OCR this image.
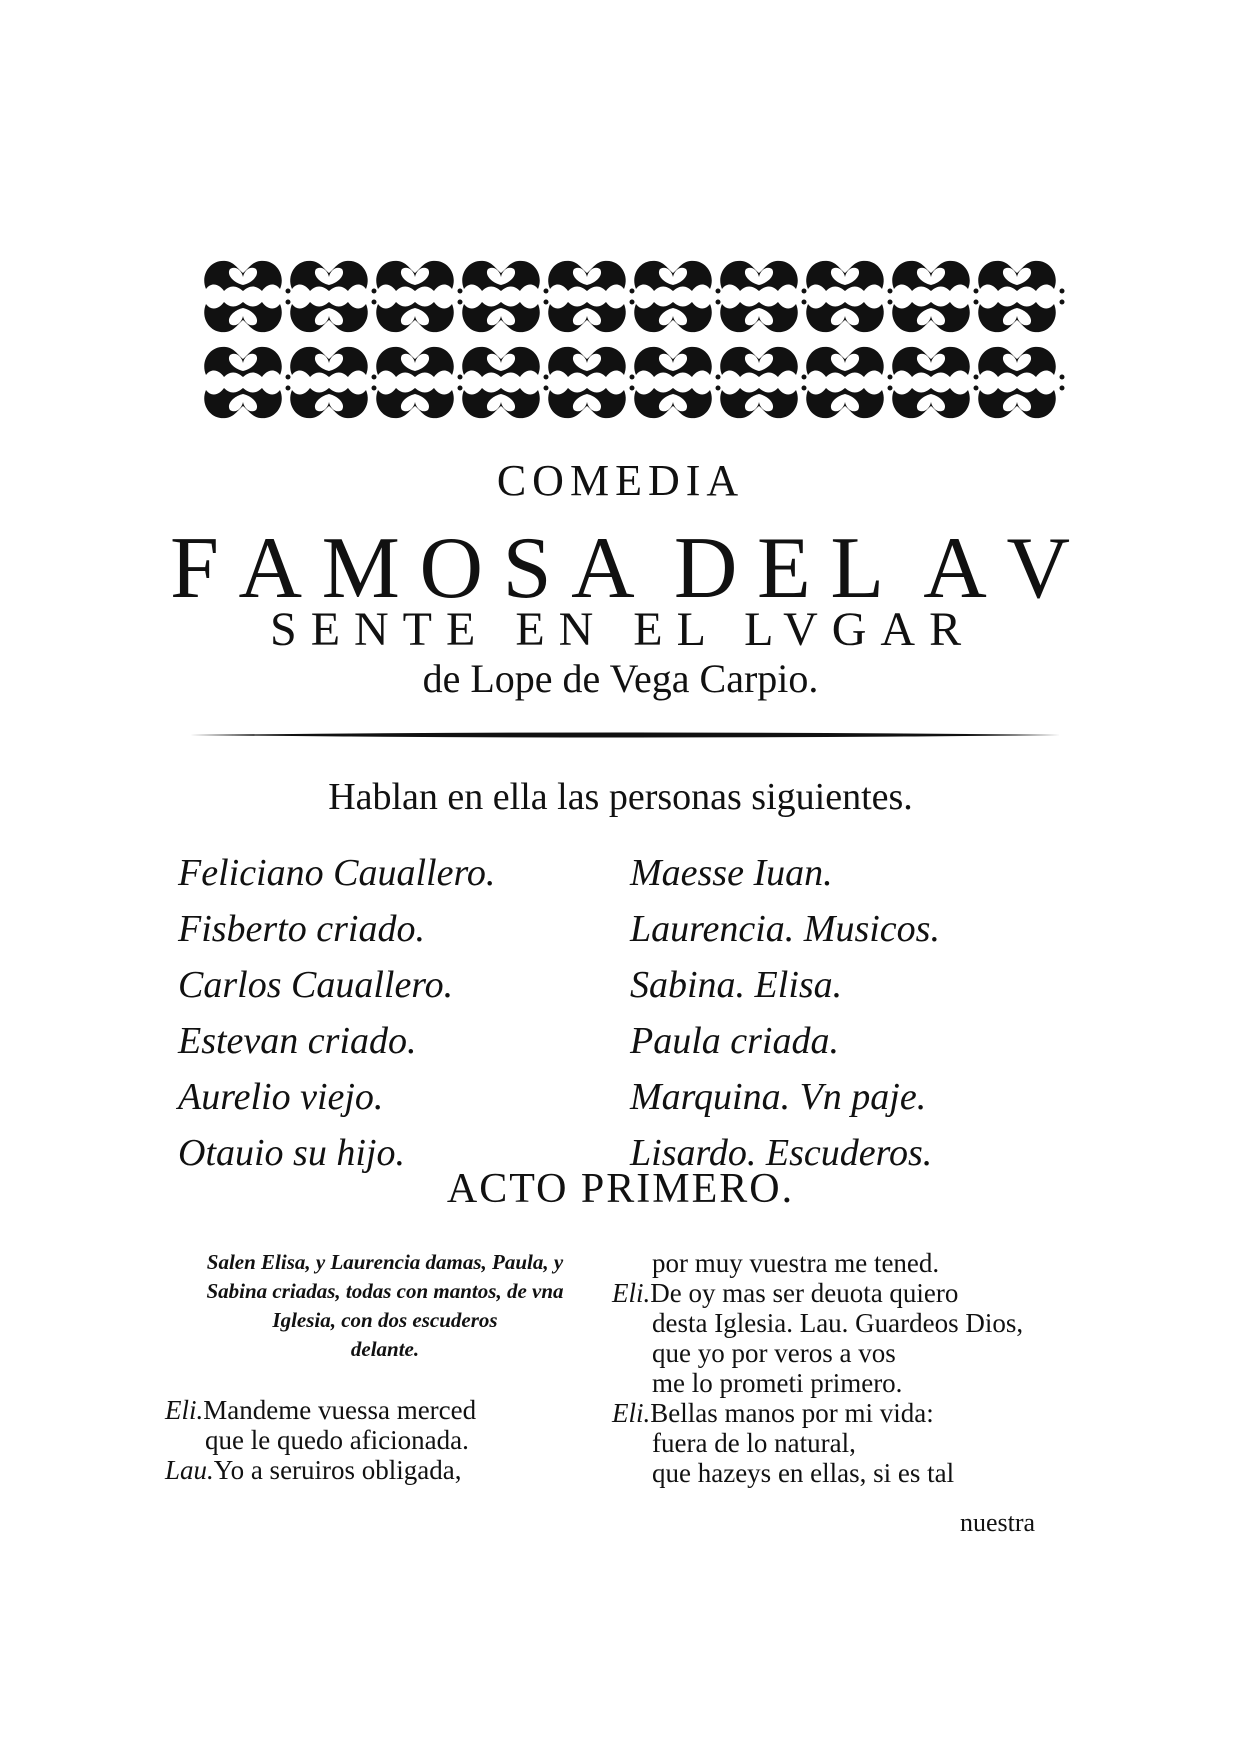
COMEDIA
F A M O S A D E L A V
SENTE EN EL LVGAR
de Lope de Vega Carpio.
Hablan en ella las personas siguientes.
Feliciano Cauallero.
Fisberto criado.
Carlos Cauallero.
Estevan criado.
Aurelio viejo.
Otauio su hijo.
Maesse Iuan.
Laurencia. Musicos.
Sabina. Elisa.
Paula criada.
Marquina. Vn paje.
Lisardo. Escuderos.
ACTO PRIMERO.
Salen Elisa, y Laurencia damas, Paula, y
Sabina criadas, todas con mantos, de vna
Iglesia, con dos escuderos
delante.
Eli.Mandeme vuessa merced
que le quedo aficionada.
Lau.Yo a seruiros obligada,
por muy vuestra me tened.
Eli.De oy mas ser deuota quiero
desta Iglesia. Lau. Guardeos Dios,
que yo por veros a vos
me lo prometi primero.
Eli.Bellas manos por mi vida:
fuera de lo natural,
que hazeys en ellas, si es tal
nuestra
